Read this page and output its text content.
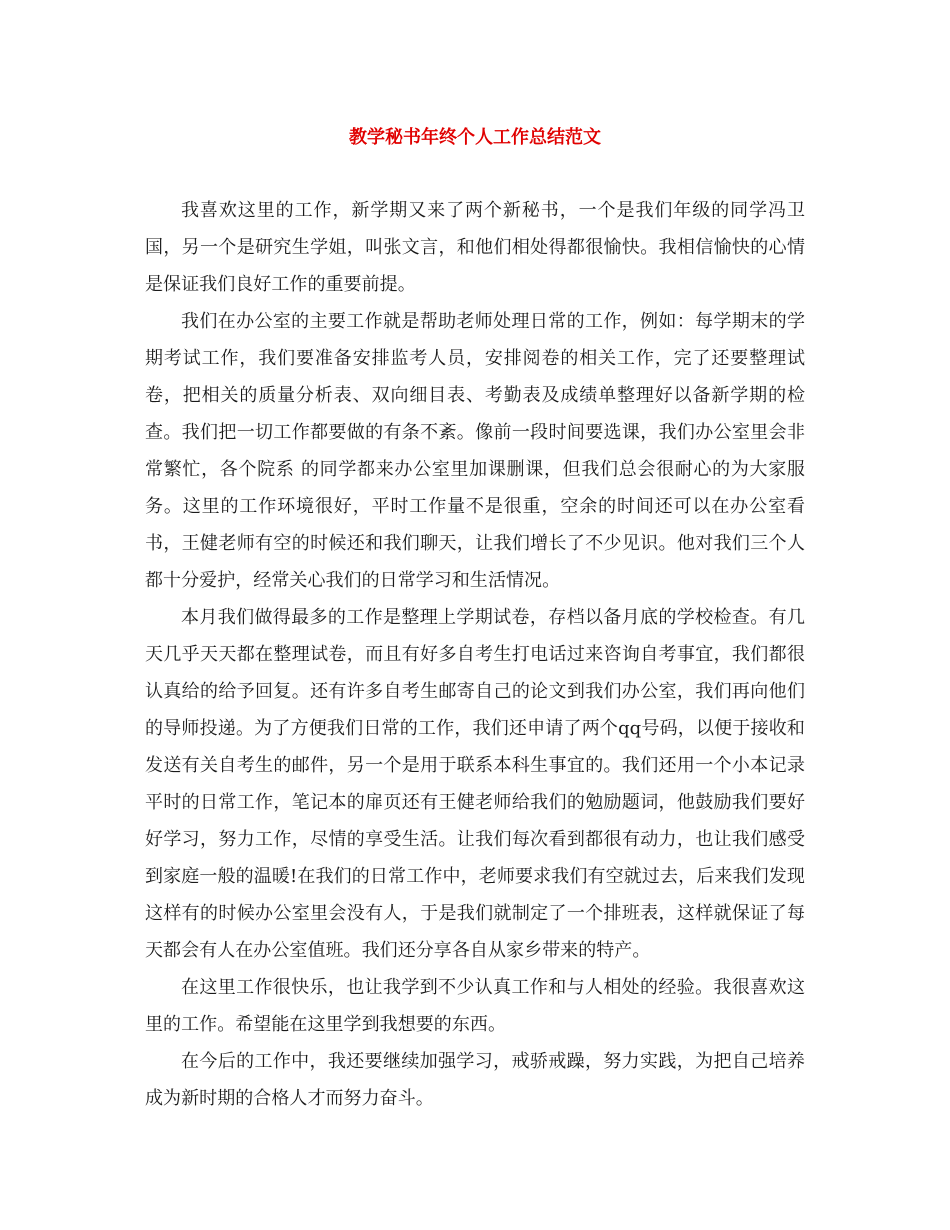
教学秘书年终个人工作总结范文

我喜欢这里的工作，新学期又来了两个新秘书，一个是我们年级的同学冯卫国，另一个是研究生学姐，叫张文言，和他们相处得都很愉快。我相信愉快的心情是保证我们良好工作的重要前提。

我们在办公室的主要工作就是帮助老师处理日常的工作，例如：每学期末的学期考试工作，我们要准备安排监考人员，安排阅卷的相关工作，完了还要整理试卷，把相关的质量分析表、双向细目表、考勤表及成绩单整理好以备新学期的检查。我们把一切工作都要做的有条不紊。像前一段时间要选课，我们办公室里会非常繁忙，各个院系 的同学都来办公室里加课删课，但我们总会很耐心的为大家服务。这里的工作环境很好，平时工作量不是很重，空余的时间还可以在办公室看书，王健老师有空的时候还和我们聊天，让我们增长了不少见识。他对我们三个人都十分爱护，经常关心我们的日常学习和生活情况。

本月我们做得最多的工作是整理上学期试卷，存档以备月底的学校检查。有几天几乎天天都在整理试卷，而且有好多自考生打电话过来咨询自考事宜，我们都很认真给的给予回复。还有许多自考生邮寄自己的论文到我们办公室，我们再向他们的导师投递。为了方便我们日常的工作，我们还申请了两个qq号码，以便于接收和发送有关自考生的邮件，另一个是用于联系本科生事宜的。我们还用一个小本记录平时的日常工作，笔记本的扉页还有王健老师给我们的勉励题词，他鼓励我们要好好学习，努力工作，尽情的享受生活。让我们每次看到都很有动力，也让我们感受到家庭一般的温暖!在我们的日常工作中，老师要求我们有空就过去，后来我们发现这样有的时候办公室里会没有人，于是我们就制定了一个排班表，这样就保证了每天都会有人在办公室值班。我们还分享各自从家乡带来的特产。

在这里工作很快乐，也让我学到不少认真工作和与人相处的经验。我很喜欢这里的工作。希望能在这里学到我想要的东西。

在今后的工作中，我还要继续加强学习，戒骄戒躁，努力实践，为把自己培养成为新时期的合格人才而努力奋斗。
